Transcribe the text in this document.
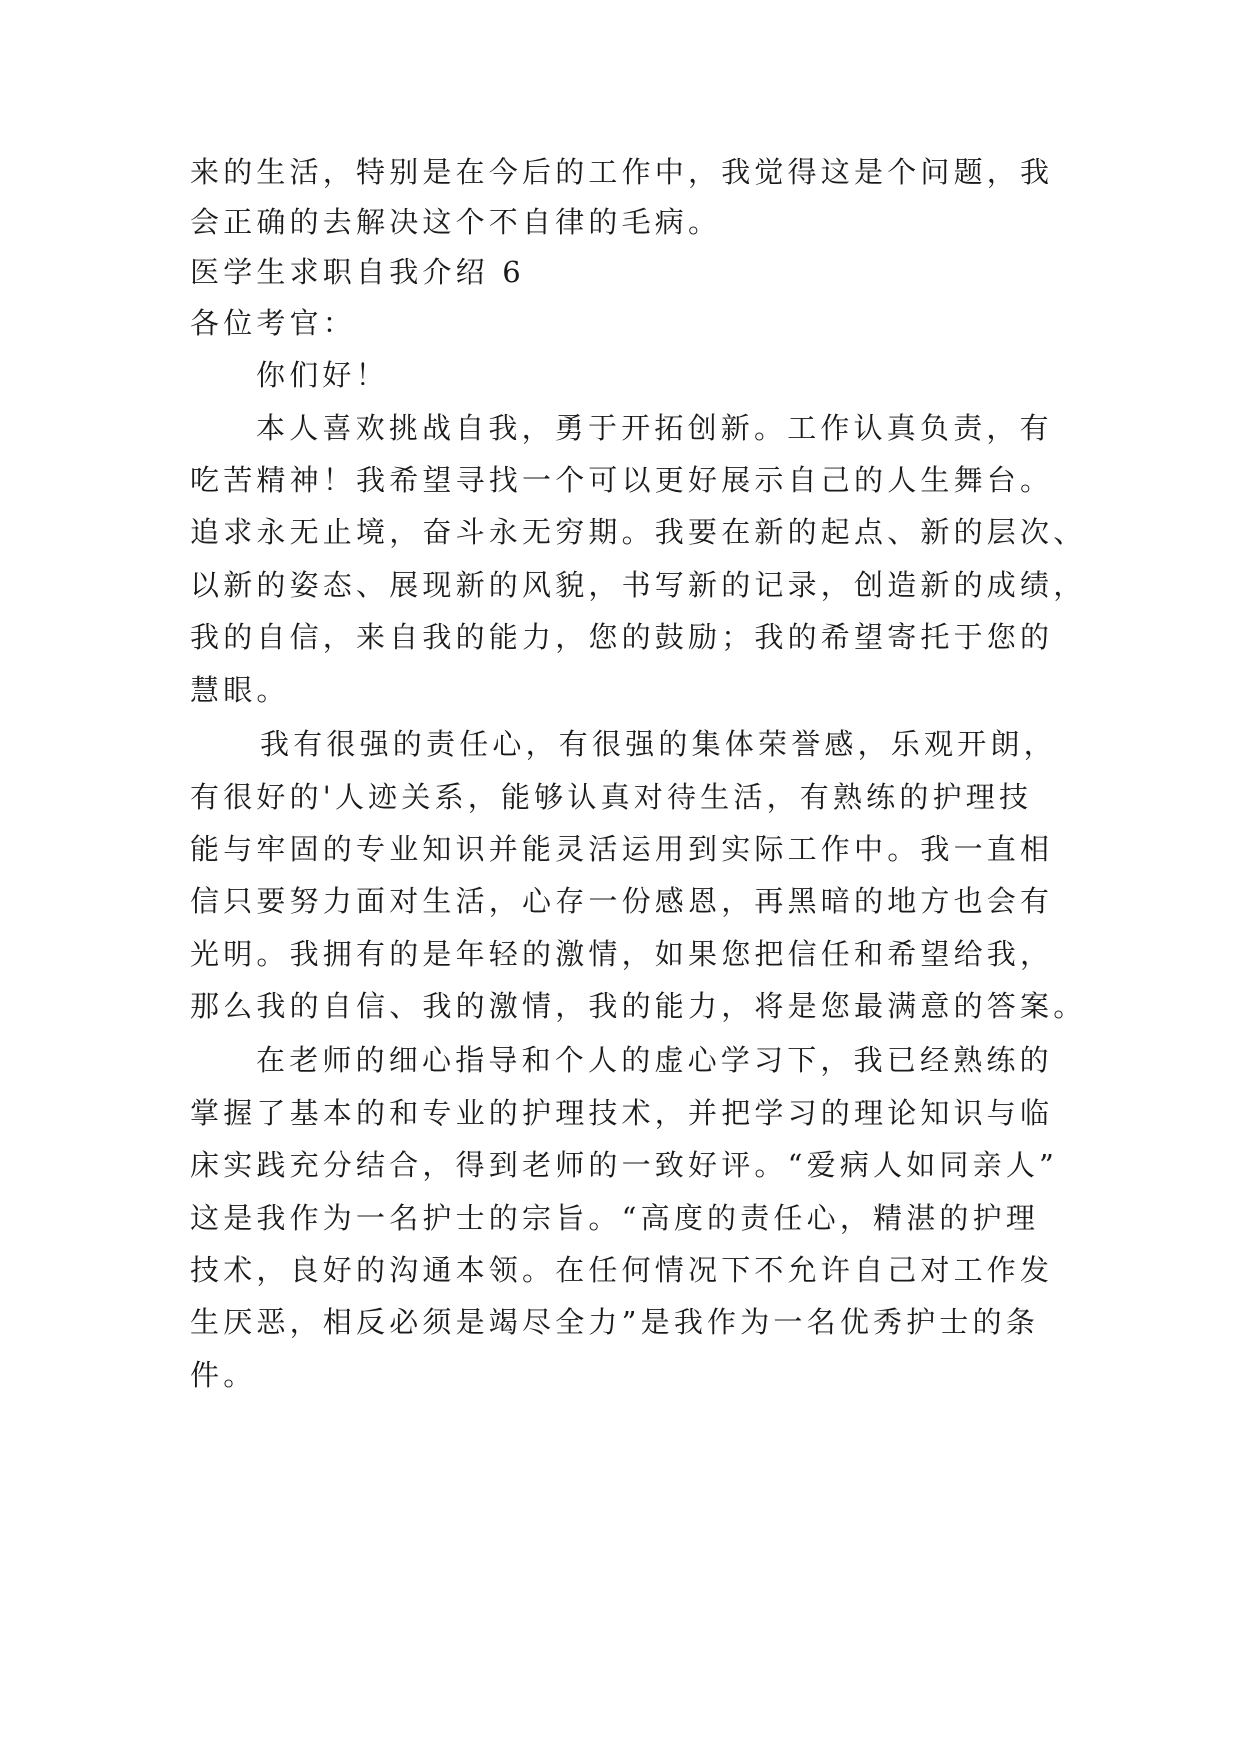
来的生活，特别是在今后的工作中，我觉得这是个问题，我
会正确的去解决这个不自律的毛病。
医学生求职自我介绍 6
各位考官：
你们好！
本人喜欢挑战自我，勇于开拓创新。工作认真负责，有
吃苦精神！我希望寻找一个可以更好展示自己的人生舞台。
追求永无止境，奋斗永无穷期。我要在新的起点、新的层次、
以新的姿态、展现新的风貌，书写新的记录，创造新的成绩，
我的自信，来自我的能力，您的鼓励；我的希望寄托于您的
慧眼。
我有很强的责任心，有很强的集体荣誉感，乐观开朗，
有很好的'人迹关系，能够认真对待生活，有熟练的护理技
能与牢固的专业知识并能灵活运用到实际工作中。我一直相
信只要努力面对生活，心存一份感恩，再黑暗的地方也会有
光明。我拥有的是年轻的激情，如果您把信任和希望给我，
那么我的自信、我的激情，我的能力，将是您最满意的答案。
在老师的细心指导和个人的虚心学习下，我已经熟练的
掌握了基本的和专业的护理技术，并把学习的理论知识与临
床实践充分结合，得到老师的一致好评。“爱病人如同亲人”
这是我作为一名护士的宗旨。“高度的责任心，精湛的护理
技术，良好的沟通本领。在任何情况下不允许自己对工作发
生厌恶，相反必须是竭尽全力”是我作为一名优秀护士的条
件。
